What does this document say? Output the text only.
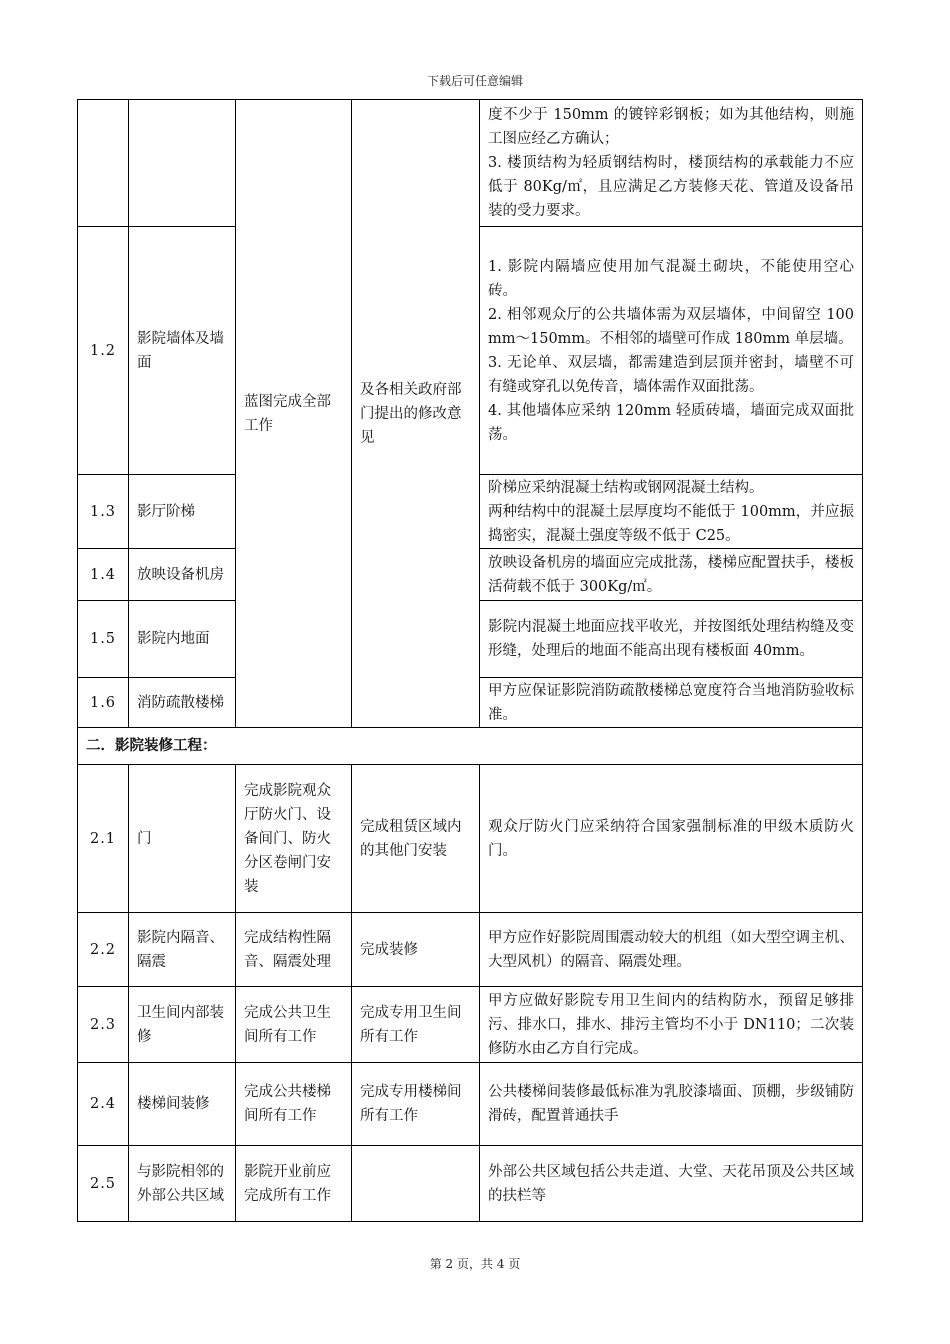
下载后可任意编辑
		蓝图完成全部工作	及各相关政府部门提出的修改意见	度不少于 150mm 的镀锌彩钢板；如为其他结构，则施工图应经乙方确认；
3. 楼顶结构为轻质钢结构时，楼顶结构的承载能力不应低于 80Kg/㎡，且应满足乙方装修天花、管道及设备吊装的受力要求。

1.2	影院墙体及墙面			1. 影院内隔墙应使用加气混凝土砌块，不能使用空心砖。
2. 相邻观众厅的公共墙体需为双层墙体，中间留空 100mm～150mm。不相邻的墙壁可作成 180mm 单层墙。
3. 无论单、双层墙，都需建造到层顶并密封，墙壁不可有缝或穿孔以免传音，墙体需作双面批荡。
4. 其他墙体应采纳 120mm 轻质砖墙，墙面完成双面批荡。

1.3	影厅阶梯			阶梯应采纳混凝土结构或钢网混凝土结构。
两种结构中的混凝土层厚度均不能低于 100mm，并应振捣密实，混凝土强度等级不低于 C25。

1.4	放映设备机房			放映设备机房的墙面应完成批荡，楼梯应配置扶手，楼板活荷载不低于 300Kg/㎡。

1.5	影院内地面			影院内混凝土地面应找平收光，并按图纸处理结构缝及变形缝，处理后的地面不能高出现有楼板面 40mm。

1.6	消防疏散楼梯			甲方应保证影院消防疏散楼梯总宽度符合当地消防验收标准。

二．影院装修工程：				
2.1	门	完成影院观众厅防火门、设备间门、防火分区卷闸门安装	完成租赁区域内的其他门安装	观众厅防火门应采纳符合国家强制标准的甲级木质防火门。
2.2	影院内隔音、隔震	完成结构性隔音、隔震处理	完成装修	甲方应作好影院周围震动较大的机组（如大型空调主机、大型风机）的隔音、隔震处理。
2.3	卫生间内部装修	完成公共卫生间所有工作	完成专用卫生间所有工作	甲方应做好影院专用卫生间内的结构防水，预留足够排污、排水口，排水、排污主管均不小于 DN110；二次装修防水由乙方自行完成。
2.4	楼梯间装修	完成公共楼梯间所有工作	完成专用楼梯间所有工作	公共楼梯间装修最低标准为乳胶漆墙面、顶棚，步级铺防滑砖，配置普通扶手
2.5	与影院相邻的外部公共区域	影院开业前应完成所有工作		外部公共区域包括公共走道、大堂、天花吊顶及公共区域的扶栏等
第 2 页，共 4 页
